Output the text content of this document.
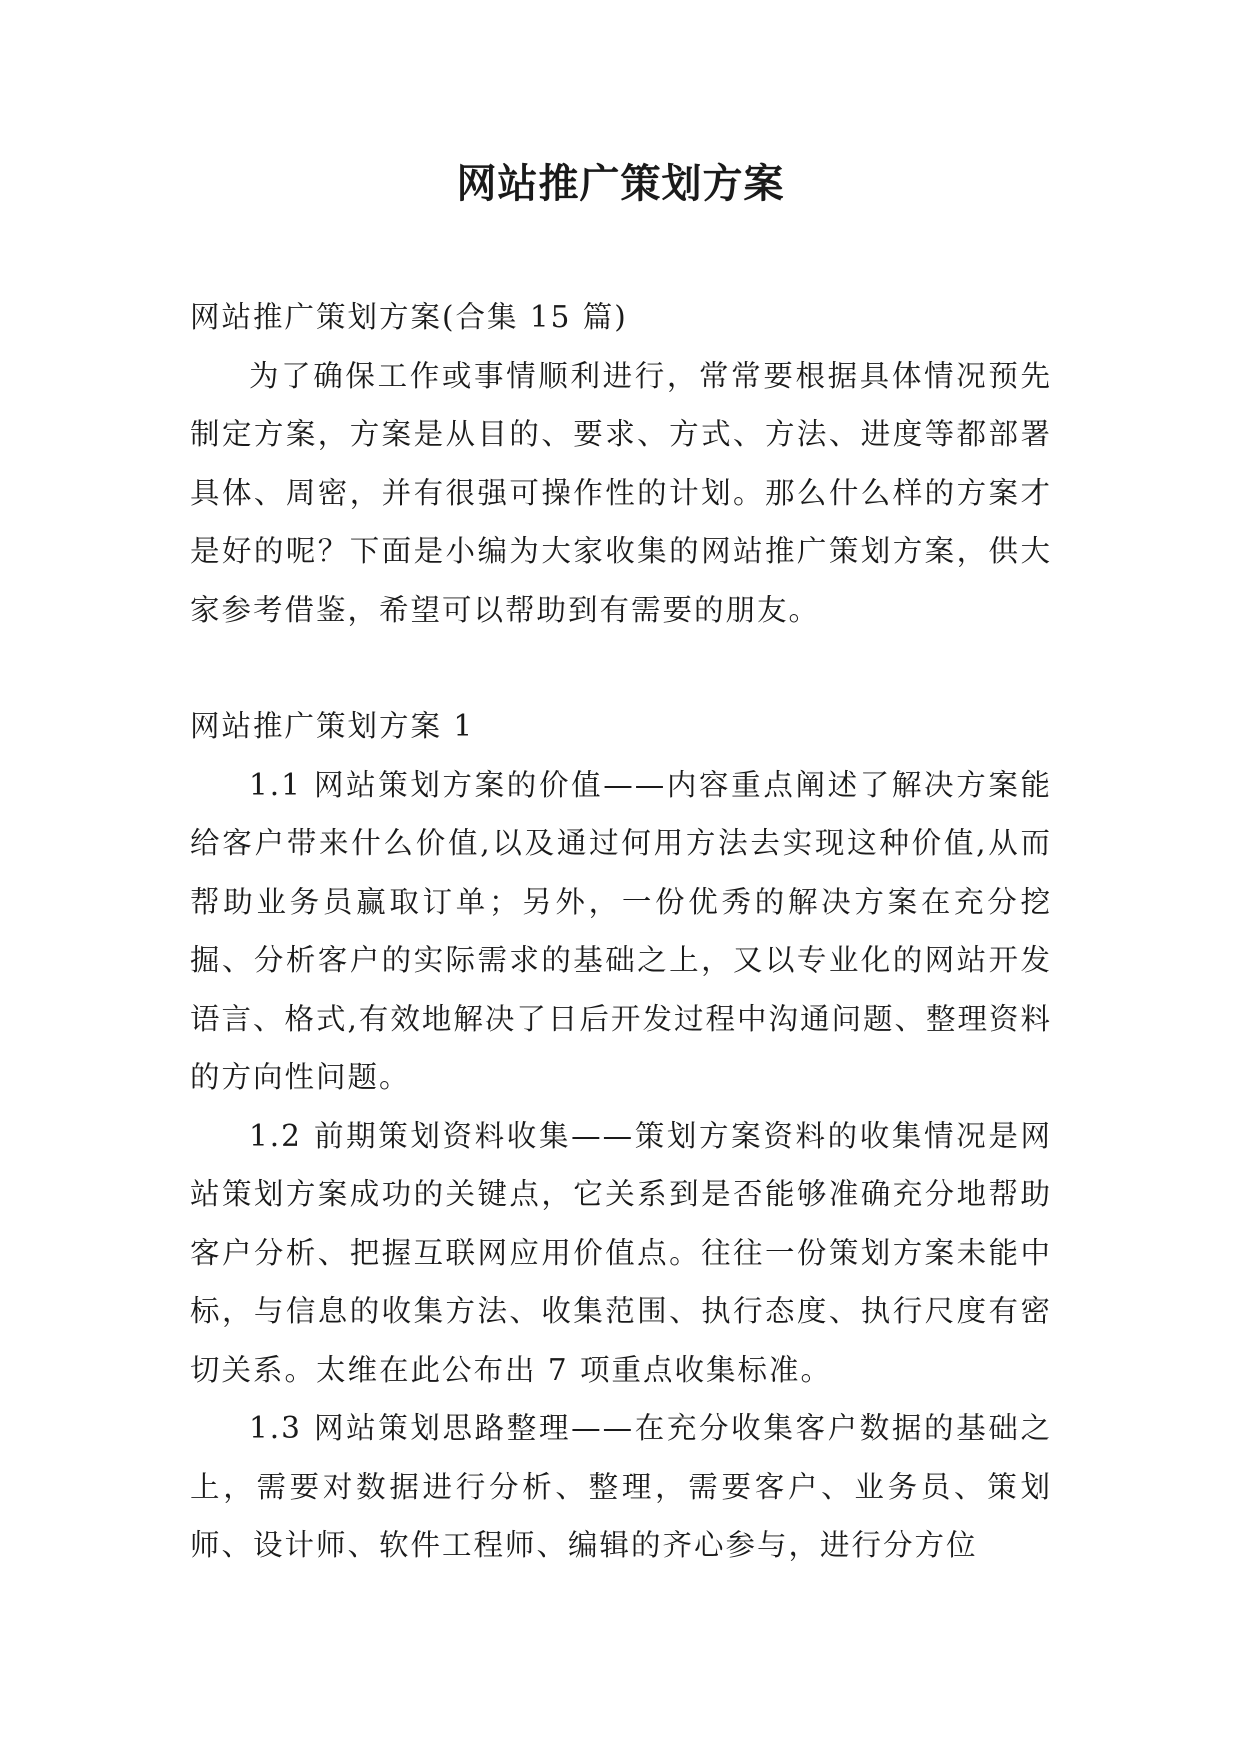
网站推广策划方案

网站推广策划方案(合集 15 篇)

为了确保工作或事情顺利进行，常常要根据具体情况预先制定方案，方案是从目的、要求、方式、方法、进度等都部署具体、周密，并有很强可操作性的计划。那么什么样的方案才是好的呢？下面是小编为大家收集的网站推广策划方案，供大家参考借鉴，希望可以帮助到有需要的朋友。

网站推广策划方案 1

1.1 网站策划方案的价值——内容重点阐述了解决方案能给客户带来什么价值,以及通过何用方法去实现这种价值,从而帮助业务员赢取订单；另外，一份优秀的解决方案在充分挖掘、分析客户的实际需求的基础之上，又以专业化的网站开发语言、格式,有效地解决了日后开发过程中沟通问题、整理资料的方向性问题。

1.2 前期策划资料收集——策划方案资料的收集情况是网站策划方案成功的关键点，它关系到是否能够准确充分地帮助客户分析、把握互联网应用价值点。往往一份策划方案未能中标，与信息的收集方法、收集范围、执行态度、执行尺度有密切关系。太维在此公布出 7 项重点收集标准。

1.3 网站策划思路整理——在充分收集客户数据的基础之上，需要对数据进行分析、整理，需要客户、业务员、策划师、设计师、软件工程师、编辑的齐心参与，进行分方位
